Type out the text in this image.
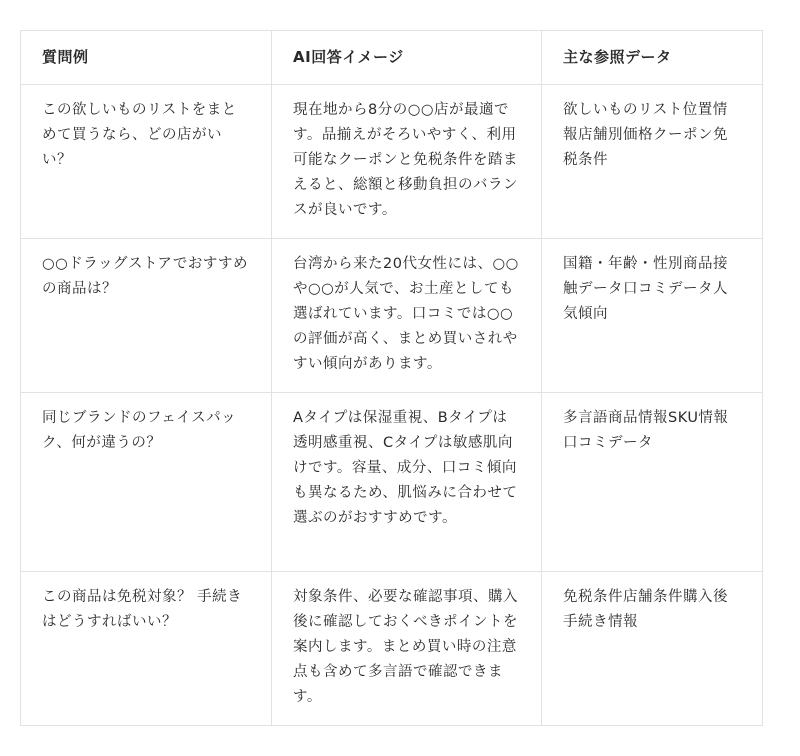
質問例	AI回答イメージ	主な参照データ
この欲しいものリストをまとめて買うなら、どの店がいい？	現在地から8分の○○店が最適です。品揃えがそろいやすく、利用可能なクーポンと免税条件を踏まえると、総額と移動負担のバランスが良いです。	欲しいものリスト位置情報店舗別価格クーポン免税条件
○○ドラッグストアでおすすめの商品は？	台湾から来た20代女性には、○○や○○が人気で、お土産としても選ばれています。口コミでは○○の評価が高く、まとめ買いされやすい傾向があります。	国籍・年齢・性別商品接触データ口コミデータ人気傾向
同じブランドのフェイスパック、何が違うの？	Aタイプは保湿重視、Bタイプは透明感重視、Cタイプは敏感肌向けです。容量、成分、口コミ傾向も異なるため、肌悩みに合わせて選ぶのがおすすめです。	多言語商品情報SKU情報口コミデータ
この商品は免税対象？ 手続きはどうすればいい？	対象条件、必要な確認事項、購入後に確認しておくべきポイントを案内します。まとめ買い時の注意点も含めて多言語で確認できます。	免税条件店舗条件購入後手続き情報
